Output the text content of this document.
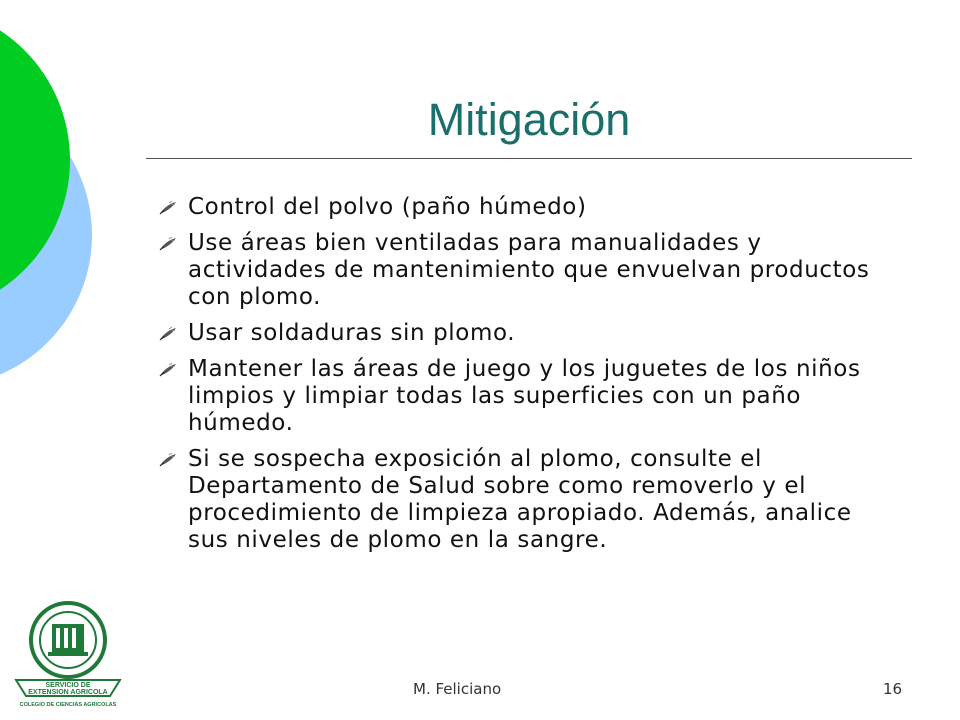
Mitigación
Control del polvo (paño húmedo)
Use áreas bien ventiladas para manualidades y actividades de mantenimiento que envuelvan productos con plomo.
Usar soldaduras sin plomo.
Mantener las áreas de juego y los juguetes de los niños limpios y limpiar todas las superficies con un paño húmedo.
Si se sospecha exposición al plomo, consulte el Departamento de Salud sobre como removerlo y el procedimiento de limpieza apropiado. Además, analice sus niveles de plomo en la sangre.
SERVICIO DE
EXTENSION AGRICOLA
COLEGIO DE CIENCIAS AGRICOLAS
M. Feliciano	16
